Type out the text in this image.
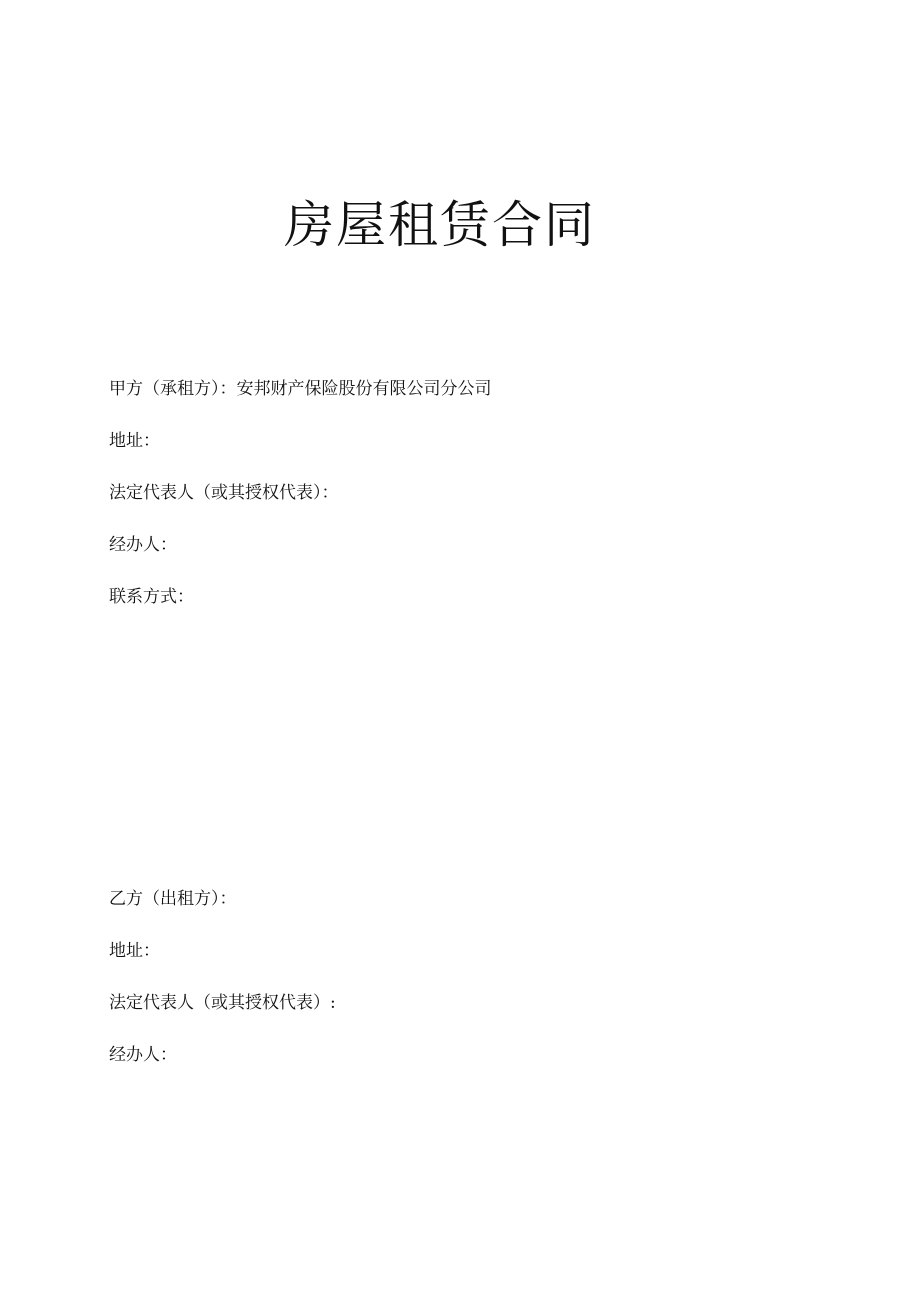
房屋租赁合同
甲方（承租方）：安邦财产保险股份有限公司分公司
地址：
法定代表人（或其授权代表）：
经办人：
联系方式：
乙方（出租方）：
地址：
法定代表人（或其授权代表）:
经办人：
